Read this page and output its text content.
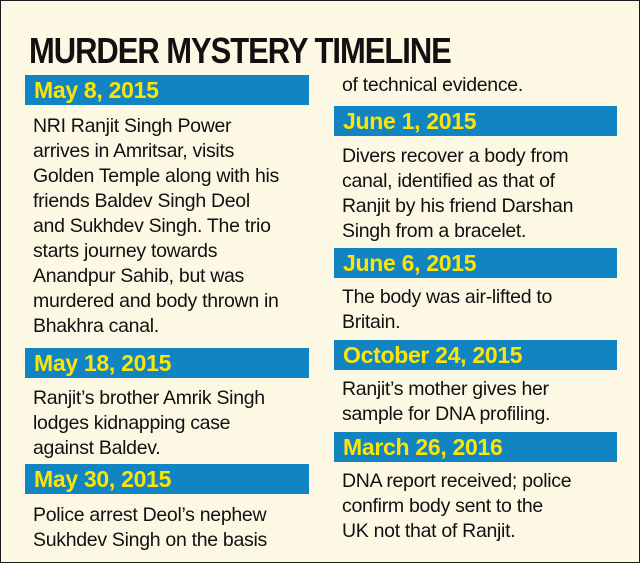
MURDER MYSTERY TIMELINE
May 8, 2015

NRI Ranjit Singh Power
arrives in Amritsar, visits
Golden Temple along with his
friends Baldev Singh Deol
and Sukhdev Singh. The trio
starts journey towards
Anandpur Sahib, but was
murdered and body thrown in
Bhakhra canal.

May 18, 2015

Ranjit’s brother Amrik Singh
lodges kidnapping case
against Baldev.

May 30, 2015

Police arrest Deol’s nephew
Sukhdev Singh on the basis

of technical evidence.

June 1, 2015

Divers recover a body from
canal, identified as that of
Ranjit by his friend Darshan
Singh from a bracelet.

June 6, 2015

The body was air-lifted to
Britain.

October 24, 2015

Ranjit’s mother gives her
sample for DNA profiling.

March 26, 2016

DNA report received; police
confirm body sent to the
UK not that of Ranjit.
